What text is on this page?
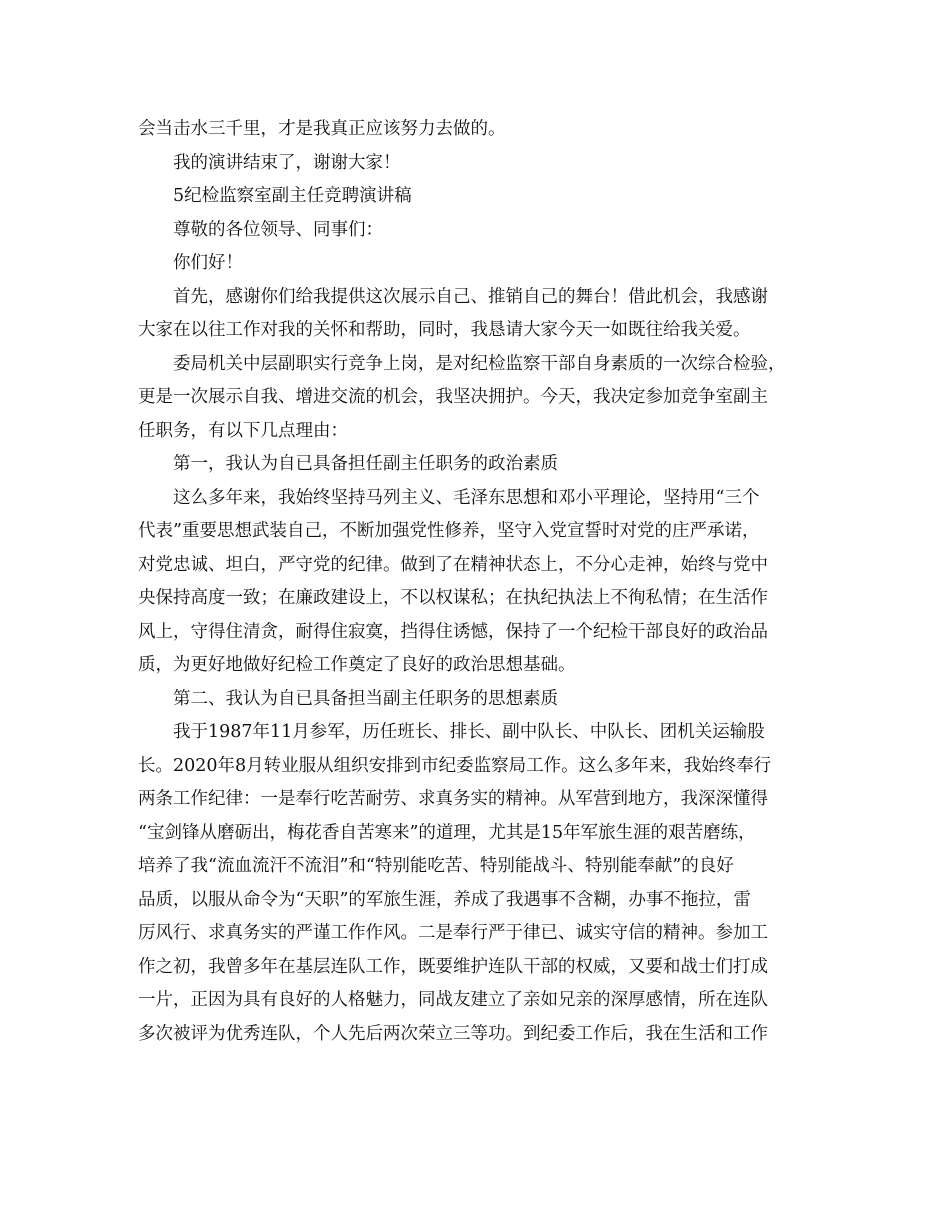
会当击水三千里，才是我真正应该努力去做的。
我的演讲结束了，谢谢大家！
5纪检监察室副主任竞聘演讲稿
尊敬的各位领导、同事们：
你们好！
首先，感谢你们给我提供这次展示自己、推销自己的舞台！借此机会，我感谢
大家在以往工作对我的关怀和帮助，同时，我恳请大家今天一如既往给我关爱。
委局机关中层副职实行竞争上岗，是对纪检监察干部自身素质的一次综合检验，
更是一次展示自我、增进交流的机会，我坚决拥护。今天，我决定参加竞争室副主
任职务，有以下几点理由：
第一，我认为自已具备担任副主任职务的政治素质
这么多年来，我始终坚持马列主义、毛泽东思想和邓小平理论，坚持用“三个
代表”重要思想武装自己，不断加强党性修养，坚守入党宣誓时对党的庄严承诺，
对党忠诚、坦白，严守党的纪律。做到了在精神状态上，不分心走神，始终与党中
央保持高度一致；在廉政建设上，不以权谋私；在执纪执法上不徇私情；在生活作
风上，守得住清贪，耐得住寂寞，挡得住诱憾，保持了一个纪检干部良好的政治品
质，为更好地做好纪检工作奠定了良好的政治思想基础。
第二、我认为自已具备担当副主任职务的思想素质
我于1987年11月参军，历任班长、排长、副中队长、中队长、团机关运输股
长。2020年8月转业服从组织安排到市纪委监察局工作。这么多年来，我始终奉行
两条工作纪律：一是奉行吃苦耐劳、求真务实的精神。从军营到地方，我深深懂得
“宝剑锋从磨砺出，梅花香自苦寒来”的道理，尤其是15年军旅生涯的艰苦磨练，
培养了我“流血流汗不流泪”和“特别能吃苦、特别能战斗、特别能奉献”的良好
品质，以服从命令为“天职”的军旅生涯，养成了我遇事不含糊，办事不拖拉，雷
厉风行、求真务实的严谨工作作风。二是奉行严于律已、诚实守信的精神。参加工
作之初，我曾多年在基层连队工作，既要维护连队干部的权威，又要和战士们打成
一片，正因为具有良好的人格魅力，同战友建立了亲如兄亲的深厚感情，所在连队
多次被评为优秀连队，个人先后两次荣立三等功。到纪委工作后，我在生活和工作
